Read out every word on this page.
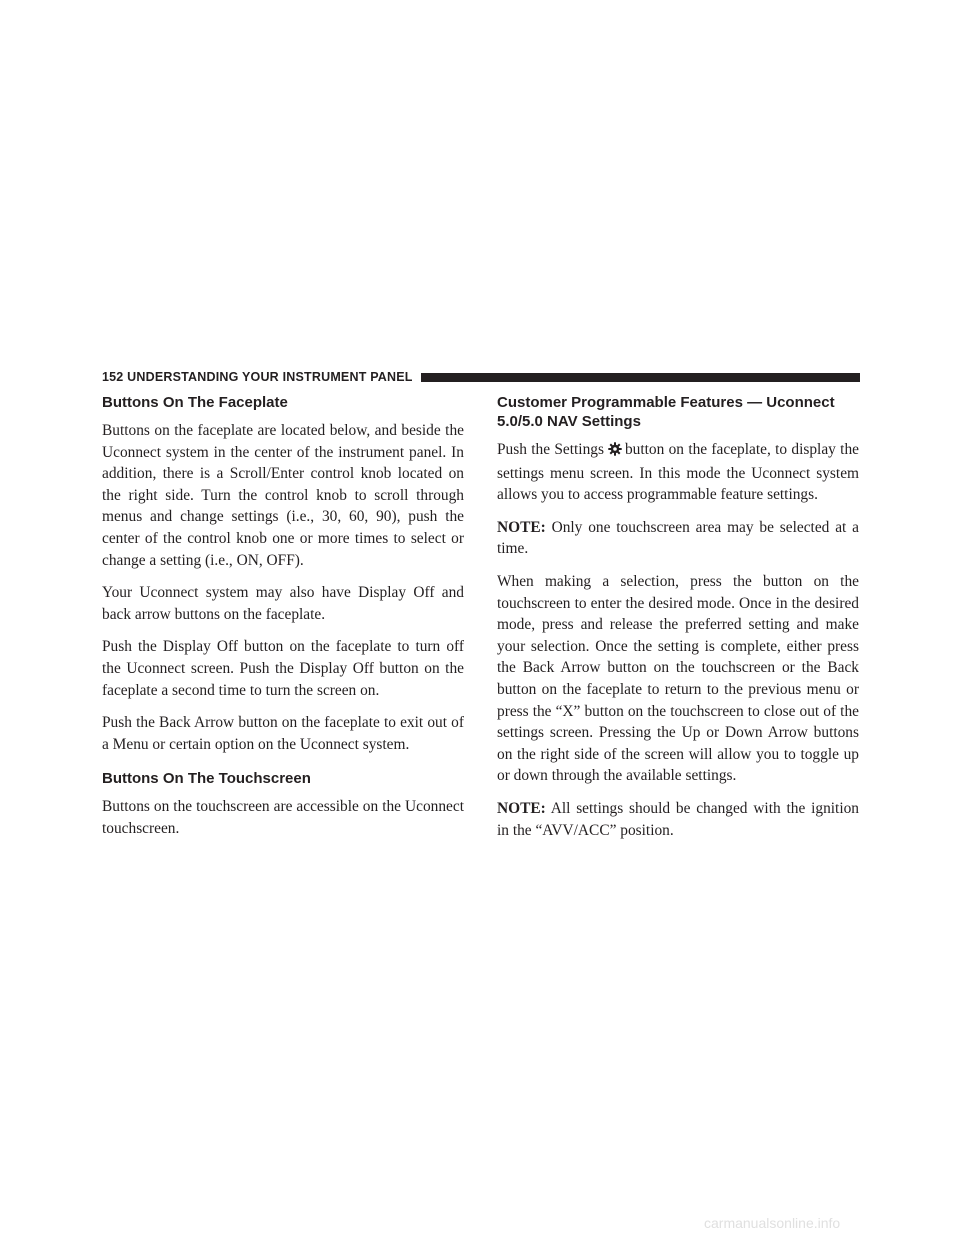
152 UNDERSTANDING YOUR INSTRUMENT PANEL
Buttons On The Faceplate

Buttons on the faceplate are located below, and beside the Uconnect system in the center of the instrument panel. In addition, there is a Scroll/Enter control knob located on the right side. Turn the control knob to scroll through menus and change settings (i.e., 30, 60, 90), push the center of the control knob one or more times to select or change a setting (i.e., ON, OFF).

Your Uconnect system may also have Display Off and back arrow buttons on the faceplate.

Push the Display Off button on the faceplate to turn off the Uconnect screen. Push the Display Off button on the faceplate a second time to turn the screen on.

Push the Back Arrow button on the faceplate to exit out of a Menu or certain option on the Uconnect system.

Buttons On The Touchscreen

Buttons on the touchscreen are accessible on the Uconnect touchscreen.

Customer Programmable Features — Uconnect 5.0/5.0 NAV Settings

Push the Settings button on the faceplate, to display the settings menu screen. In this mode the Uconnect system allows you to access programmable feature settings.

NOTE: Only one touchscreen area may be selected at a time.

When making a selection, press the button on the touchscreen to enter the desired mode. Once in the desired mode, press and release the preferred setting and make your selection. Once the setting is complete, either press the Back Arrow button on the touchscreen or the Back button on the faceplate to return to the previous menu or press the “X” button on the touchscreen to close out of the settings screen. Pressing the Up or Down Arrow buttons on the right side of the screen will allow you to toggle up or down through the available settings.

NOTE: All settings should be changed with the ignition in the “AVV/ACC” position.

carmanualsonline.info
